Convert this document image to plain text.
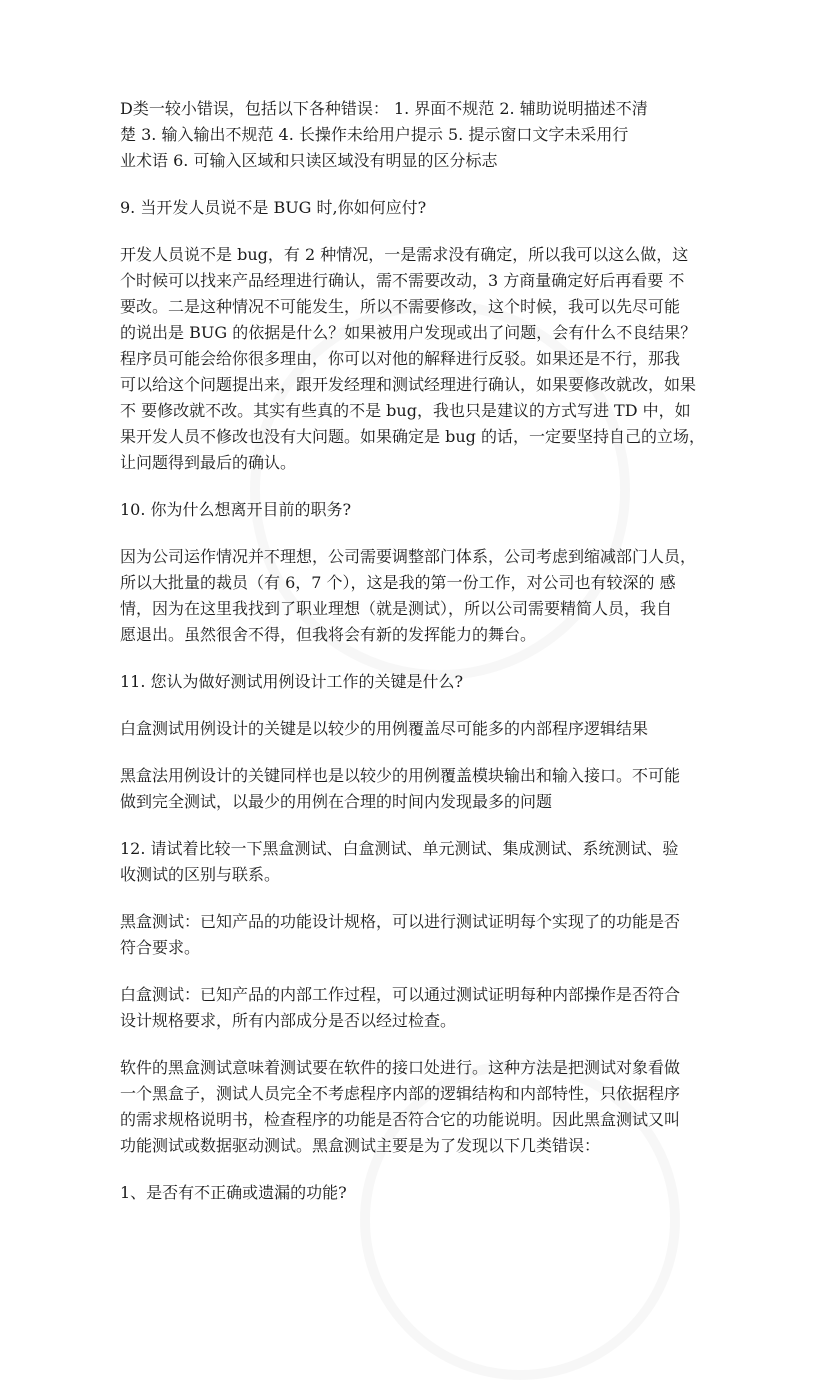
D类一较小错误，包括以下各种错误： 1. 界面不规范 2. 辅助说明描述不清
楚 3. 输入输出不规范 4. 长操作未给用户提示 5. 提示窗口文字未采用行
业术语 6. 可输入区域和只读区域没有明显的区分标志
9. 当开发人员说不是 BUG 时,你如何应付?
开发人员说不是 bug，有 2 种情况，一是需求没有确定，所以我可以这么做，这
个时候可以找来产品经理进行确认，需不需要改动，3 方商量确定好后再看要 不
要改。二是这种情况不可能发生，所以不需要修改，这个时候，我可以先尽可能
的说出是 BUG 的依据是什么？如果被用户发现或出了问题，会有什么不良结果？
程序员可能会给你很多理由，你可以对他的解释进行反驳。如果还是不行，那我
可以给这个问题提出来，跟开发经理和测试经理进行确认，如果要修改就改，如果
不 要修改就不改。其实有些真的不是 bug，我也只是建议的方式写进 TD 中，如
果开发人员不修改也没有大问题。如果确定是 bug 的话，一定要坚持自己的立场，
让问题得到最后的确认。
10. 你为什么想离开目前的职务?
因为公司运作情况并不理想，公司需要调整部门体系，公司考虑到缩减部门人员，
所以大批量的裁员（有 6，7 个），这是我的第一份工作，对公司也有较深的 感
情，因为在这里我找到了职业理想（就是测试），所以公司需要精简人员，我自
愿退出。虽然很舍不得，但我将会有新的发挥能力的舞台。
11. 您认为做好测试用例设计工作的关键是什么?
白盒测试用例设计的关键是以较少的用例覆盖尽可能多的内部程序逻辑结果
黑盒法用例设计的关键同样也是以较少的用例覆盖模块输出和输入接口。不可能
做到完全测试，以最少的用例在合理的时间内发现最多的问题
12. 请试着比较一下黑盒测试、白盒测试、单元测试、集成测试、系统测试、验
收测试的区别与联系。
黑盒测试：已知产品的功能设计规格，可以进行测试证明每个实现了的功能是否
符合要求。
白盒测试：已知产品的内部工作过程，可以通过测试证明每种内部操作是否符合
设计规格要求，所有内部成分是否以经过检查。
软件的黑盒测试意味着测试要在软件的接口处进行。这种方法是把测试对象看做
一个黑盒子，测试人员完全不考虑程序内部的逻辑结构和内部特性，只依据程序
的需求规格说明书，检查程序的功能是否符合它的功能说明。因此黑盒测试又叫
功能测试或数据驱动测试。黑盒测试主要是为了发现以下几类错误：
1、是否有不正确或遗漏的功能?
